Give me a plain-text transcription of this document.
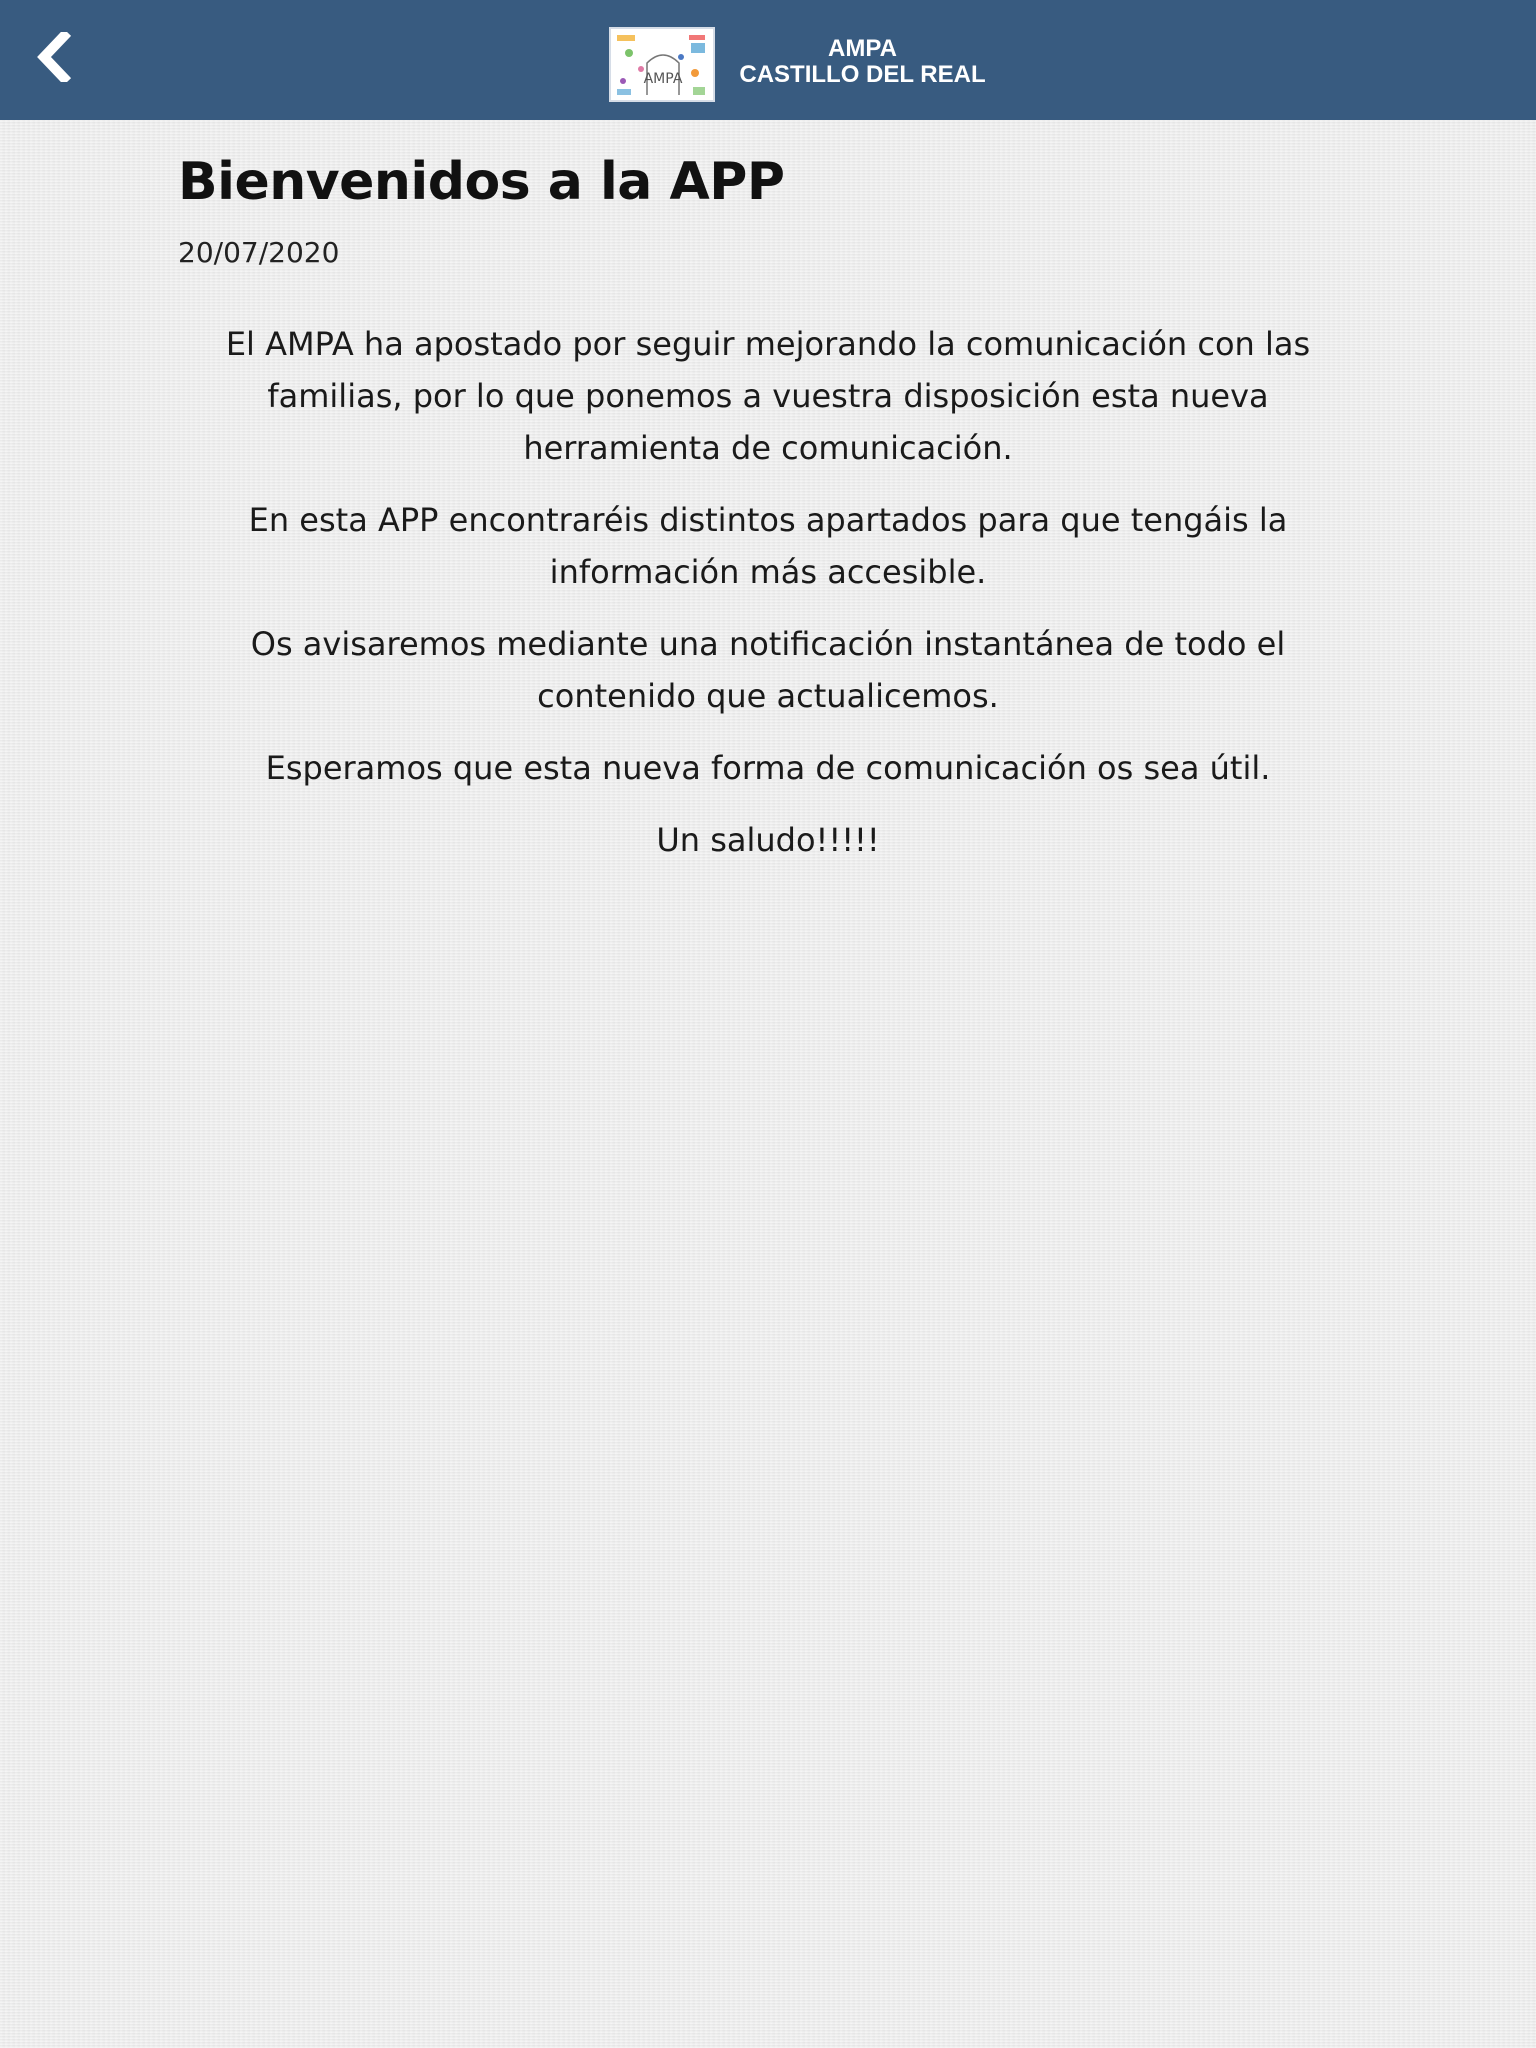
AMPA
AMPA
CASTILLO DEL REAL
Bienvenidos a la APP
20/07/2020

El AMPA ha apostado por seguir mejorando la comunicación con las familias, por lo que ponemos a vuestra disposición esta nueva herramienta de comunicación.

En esta APP encontraréis distintos apartados para que tengáis la información más accesible.

Os avisaremos mediante una notificación instantánea de todo el contenido que actualicemos.

Esperamos que esta nueva forma de comunicación os sea útil.

Un saludo!!!!!
